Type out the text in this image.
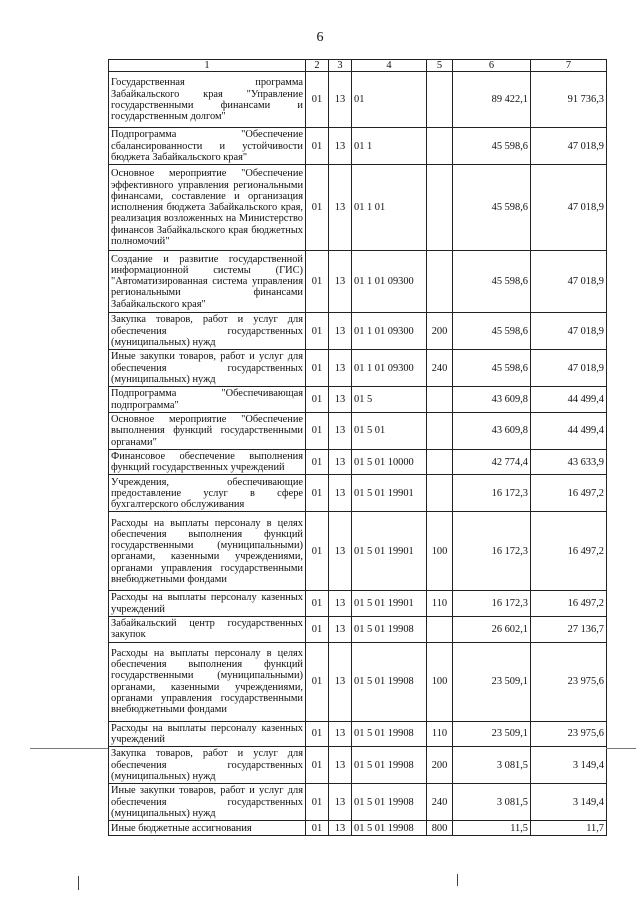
6
1	2	3	4	5	6	7
Государственная программа Забайкальского края "Управление государственными финансами и государственным долгом"	01	13	01		89 422,1	91 736,3
Подпрограмма "Обеспечение сбалансированности и устойчивости бюджета Забайкальского края"	01	13	01 1		45 598,6	47 018,9
Основное мероприятие "Обеспечение эффективного управления региональными финансами, составление и организация исполнения бюджета Забайкальского края, реализация возложенных на Министерство финансов Забайкальского края бюджетных полномочий"	01	13	01 1 01		45 598,6	47 018,9
Создание и развитие государственной информационной системы (ГИС) "Автоматизированная система управления региональными финансами Забайкальского края"	01	13	01 1 01 09300		45 598,6	47 018,9
Закупка товаров, работ и услуг для обеспечения государственных (муниципальных) нужд	01	13	01 1 01 09300	200	45 598,6	47 018,9
Иные закупки товаров, работ и услуг для обеспечения государственных (муниципальных) нужд	01	13	01 1 01 09300	240	45 598,6	47 018,9
Подпрограмма "Обеспечивающая подпрограмма"	01	13	01 5		43 609,8	44 499,4
Основное мероприятие "Обеспечение выполнения функций государственными органами"	01	13	01 5 01		43 609,8	44 499,4
Финансовое обеспечение выполнения функций государственных учреждений	01	13	01 5 01 10000		42 774,4	43 633,9
Учреждения, обеспечивающие предоставление услуг в сфере бухгалтерского обслуживания	01	13	01 5 01 19901		16 172,3	16 497,2
Расходы на выплаты персоналу в целях обеспечения выполнения функций государственными (муниципальными) органами, казенными учреждениями, органами управления государственными внебюджетными фондами	01	13	01 5 01 19901	100	16 172,3	16 497,2
Расходы на выплаты персоналу казенных учреждений	01	13	01 5 01 19901	110	16 172,3	16 497,2
Забайкальский центр государственных закупок	01	13	01 5 01 19908		26 602,1	27 136,7
Расходы на выплаты персоналу в целях обеспечения выполнения функций государственными (муниципальными) органами, казенными учреждениями, органами управления государственными внебюджетными фондами	01	13	01 5 01 19908	100	23 509,1	23 975,6
Расходы на выплаты персоналу казенных учреждений	01	13	01 5 01 19908	110	23 509,1	23 975,6
Закупка товаров, работ и услуг для обеспечения государственных (муниципальных) нужд	01	13	01 5 01 19908	200	3 081,5	3 149,4
Иные закупки товаров, работ и услуг для обеспечения государственных (муниципальных) нужд	01	13	01 5 01 19908	240	3 081,5	3 149,4
Иные бюджетные ассигнования	01	13	01 5 01 19908	800	11,5	11,7
